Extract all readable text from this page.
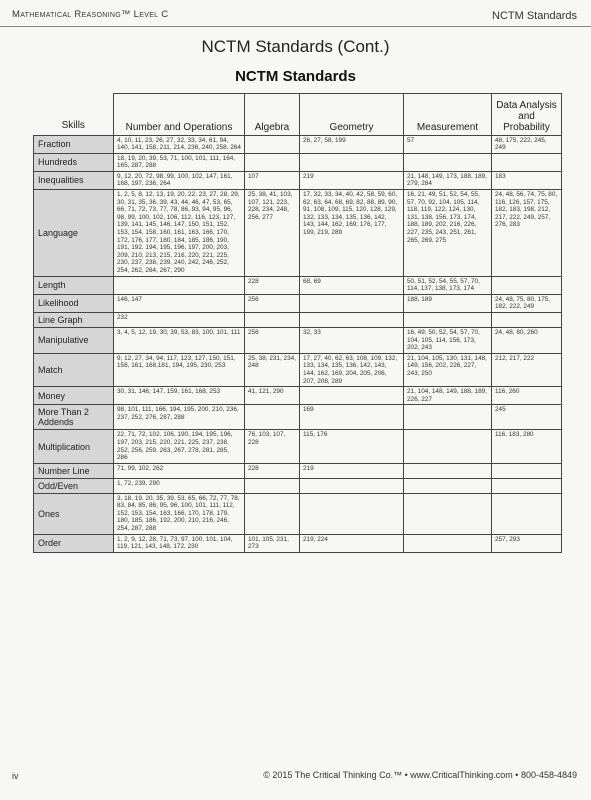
Mathematical Reasoning™ Level C	NCTM Standards
NCTM Standards (Cont.)
NCTM Standards
Skills	Number and Operations	Algebra	Geometry	Measurement	Data Analysis and Probability
Fraction	4, 10, 11, 23, 26, 27, 32, 33, 34, 61, 94, 140, 141, 158, 211, 214, 236, 240, 258, 264		26, 27, 58, 199	57	48, 175, 222, 245, 249
Hundreds	18, 19, 20, 39, 53, 71, 100, 101, 111, 164, 165, 287, 288				
Inequalities	9, 12, 20, 72, 98, 99, 100, 102, 147, 161, 168, 197, 236, 264	107	219	21, 148, 149, 173, 188, 189, 279, 284	183
Language	1, 2, 5, 8, 12, 13, 19, 20, 22, 23, 27, 28, 29, 30, 31, 35, 36, 39, 43, 44, 46, 47, 53, 65, 66, 71, 72, 73, 77, 78, 86, 93, 94, 95, 96, 98, 99, 100, 102, 106, 112, 116, 123, 127, 139, 141, 145, 146, 147, 150, 151, 152, 153, 154, 158, 160, 161, 163, 166, 170, 172, 176, 177, 180, 184, 185, 186, 190, 191, 192, 194, 195, 196, 197, 200, 203, 209, 210, 213, 215, 216, 220, 221, 225, 230, 237, 238, 239, 240, 242, 246, 252, 254, 262, 264, 267, 290	25, 38, 41, 103, 107, 121, 223, 228, 234, 248, 256, 277	17, 32, 33, 34, 40, 42, 58, 59, 60, 62, 63, 64, 68, 69, 82, 88, 89, 90, 91, 108, 109, 115, 120, 128, 129, 132, 133, 134, 135, 136, 142, 143, 144, 162, 169, 176, 177, 199, 219, 289	16, 21, 49, 51, 52, 54, 55, 57, 70, 92, 104, 105, 114, 118, 119, 122, 124, 130, 131, 138, 156, 173, 174, 188, 189, 202, 216, 226, 227, 235, 243, 251, 261, 265, 269, 275	24, 48, 56, 74, 75, 80, 116, 126, 157, 175, 182, 183, 198, 212, 217, 222, 249, 257, 276, 283
Length		228	68, 69	50, 51, 52, 54, 55, 57, 70, 114, 137, 138, 173, 174	
Likelihood	146, 147	256		188, 189	24, 48, 75, 80, 175, 182, 222, 249
Line Graph	232				
Manipulative	3, 4, 5, 12, 19, 30, 39, 53, 83, 100, 101, 111	256	32, 33	16, 49, 50, 52, 54, 57, 70, 104, 105, 114, 156, 173, 202, 243	24, 48, 80, 260
Match	9, 12, 27, 34, 94, 117, 123, 127, 150, 151, 158, 161, 168,181, 194, 195, 230, 253	25, 38, 231, 234, 248	17, 27, 40, 62, 63, 108, 109, 132, 133, 134, 135, 136, 142, 143, 144, 162, 169, 204, 205, 206, 207, 208, 289	21, 104, 105, 130, 131, 148, 149, 156, 202, 226, 227, 243, 250	212, 217, 222
Money	30, 31, 146, 147, 159, 161, 168, 253	41, 121, 290		21, 104, 148, 149, 188, 189, 226, 227	116, 260
More Than 2 Addends	98, 101, 111, 166, 194, 195, 200, 210, 236, 237, 252, 276, 287, 288		169		245
Multiplication	22, 71, 72, 102, 106, 190, 194, 195, 196, 197, 203, 215, 220, 221, 225, 237, 238, 252, 256, 259, 263, 267, 278, 281, 285, 286	76, 103, 107, 228	115, 176		116, 183, 280
Number Line	71, 99, 102, 262	228	219		
Odd/Even	1, 72, 239, 290				
Ones	3, 18, 19, 20, 35, 39, 53, 65, 66, 72, 77, 78, 83, 84, 85, 86, 95, 96, 100, 101, 111, 112, 152, 153, 154, 163, 166, 170, 178, 179, 180, 185, 186, 192, 200, 210, 216, 246, 254, 287, 288				
Order	1, 2, 9, 12, 28, 71, 73, 97, 100, 101, 104, 119, 121, 143, 148, 172, 230	101, 105, 231, 273	219, 224		257, 293
iv	© 2015 The Critical Thinking Co.™ • www.CriticalThinking.com • 800-458-4849
